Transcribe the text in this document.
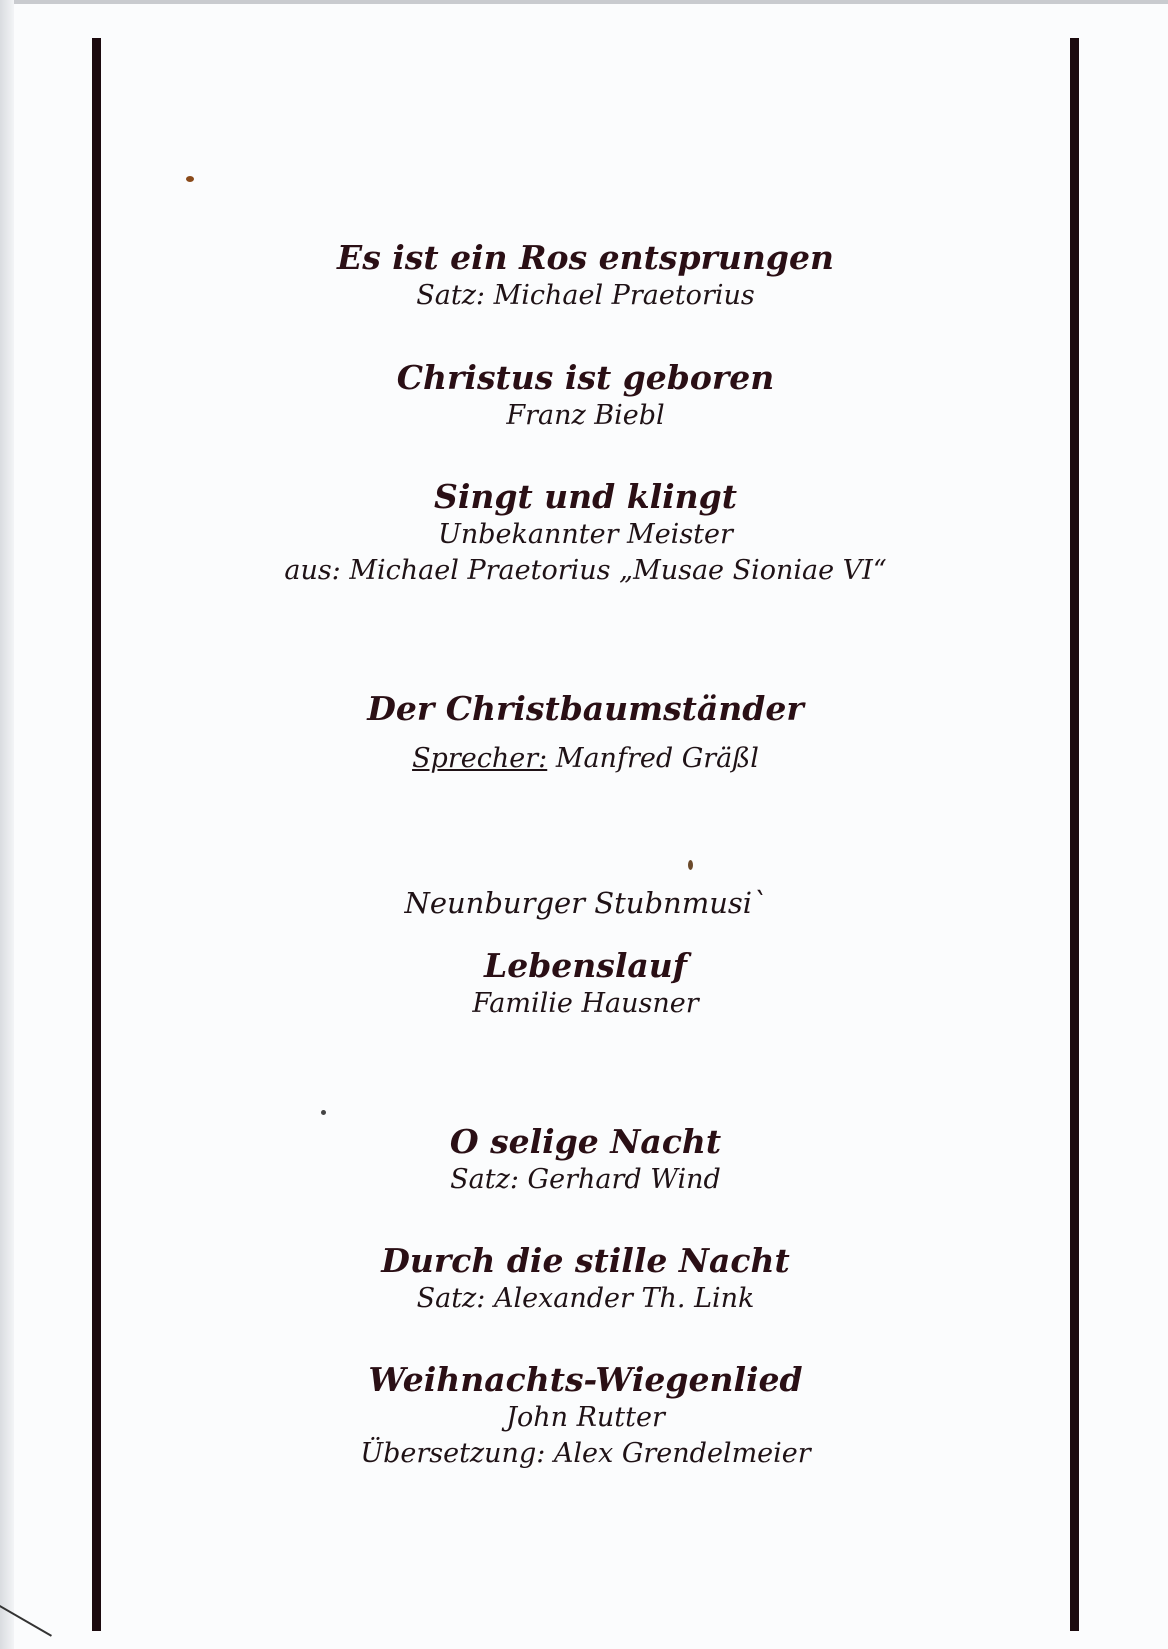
Es ist ein Ros entsprungen
Satz: Michael Praetorius
Christus ist geboren
Franz Biebl
Singt und klingt
Unbekannter Meister
aus: Michael Praetorius „Musae Sioniae VI“
Der Christbaumständer
Sprecher: Manfred Gräßl
Neunburger Stubnmusi`
Lebenslauf
Familie Hausner
O selige Nacht
Satz: Gerhard Wind
Durch die stille Nacht
Satz: Alexander Th. Link
Weihnachts-Wiegenlied
John Rutter
Übersetzung: Alex Grendelmeier
